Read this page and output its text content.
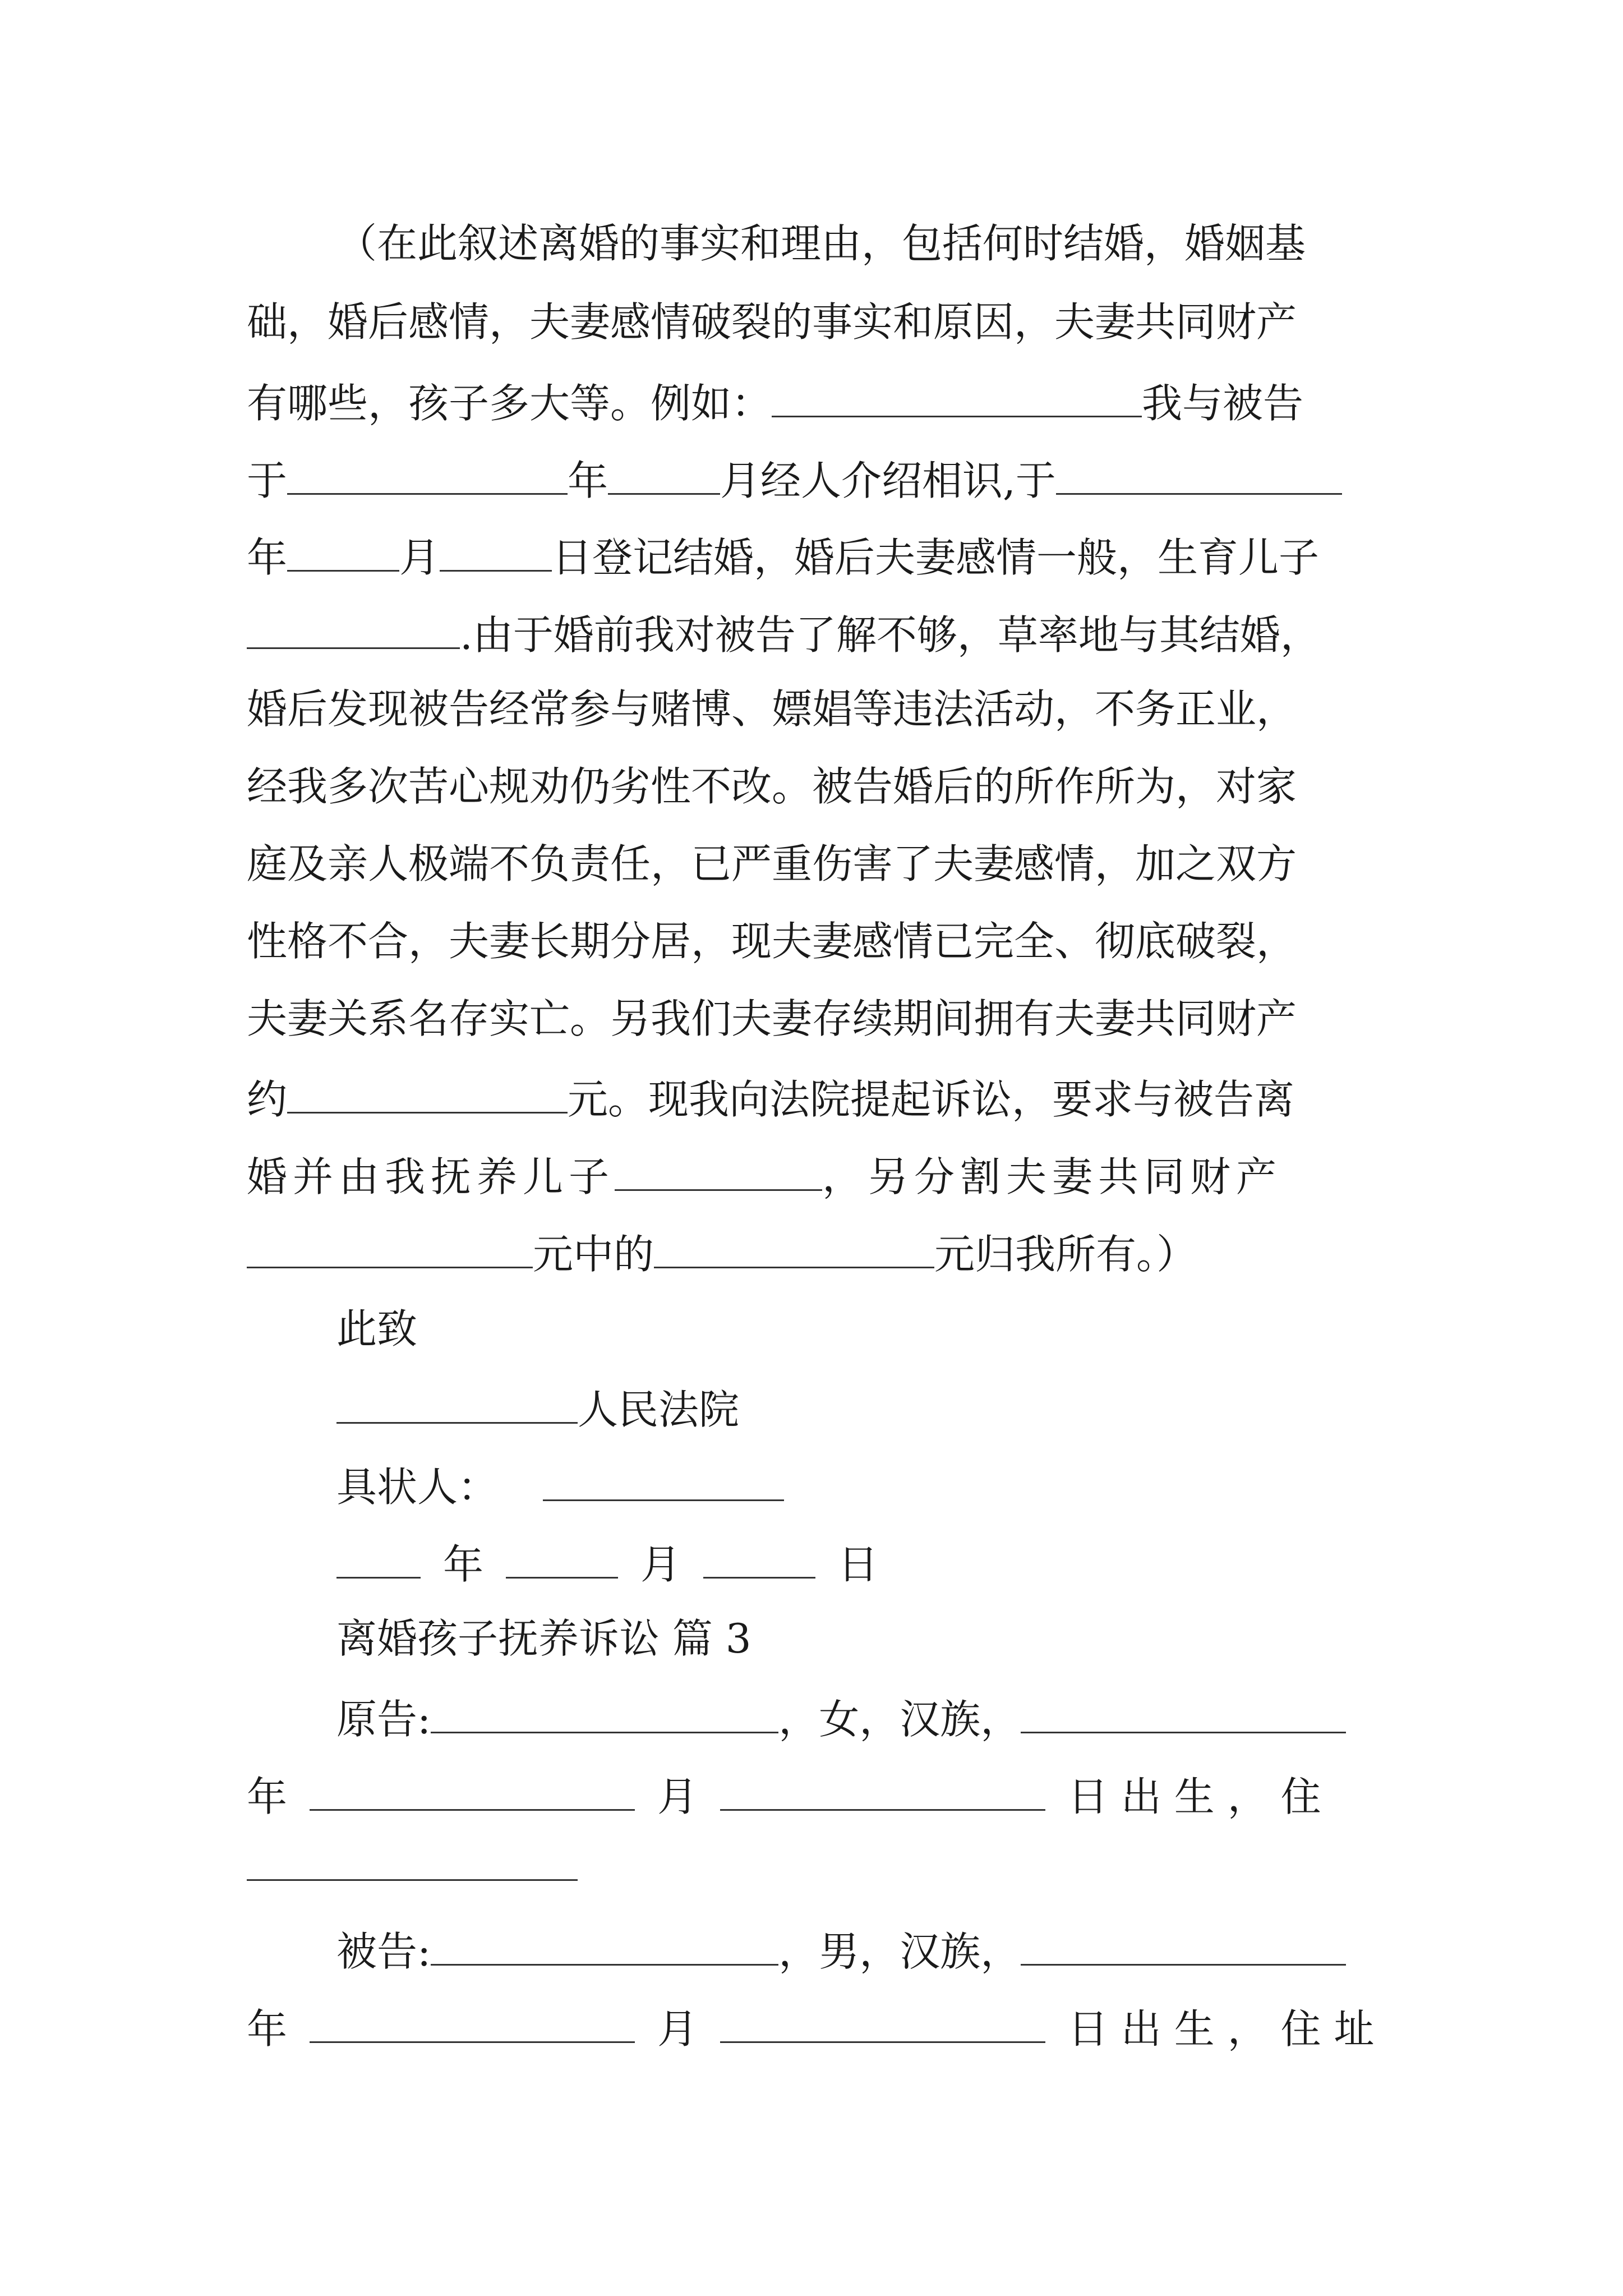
（在此叙述离婚的事实和理由，包括何时结婚，婚姻基
础，婚后感情，夫妻感情破裂的事实和原因，夫妻共同财产
有哪些，孩子多大等。例如：	我与被告
于	年	月经人介绍相识,于
年	月	日登记结婚，婚后夫妻感情一般，生育儿子
.由于婚前我对被告了解不够，草率地与其结婚，
婚后发现被告经常参与赌博、嫖娼等违法活动，不务正业，
经我多次苦心规劝仍劣性不改。被告婚后的所作所为，对家
庭及亲人极端不负责任，已严重伤害了夫妻感情，加之双方
性格不合，夫妻长期分居，现夫妻感情已完全、彻底破裂，
夫妻关系名存实亡。另我们夫妻存续期间拥有夫妻共同财产
约	元。现我向法院提起诉讼，要求与被告离
婚并由我抚养儿子	，另分割夫妻共同财产
元中的	元归我所有。）
此致
人民法院
具状人：
年	月	日
离婚孩子抚养诉讼 篇 3
原告:	，女，汉族，
年	月	日 出 生 ， 住
被告:	，男，汉族，
年	月	日 出 生 ， 住 址
